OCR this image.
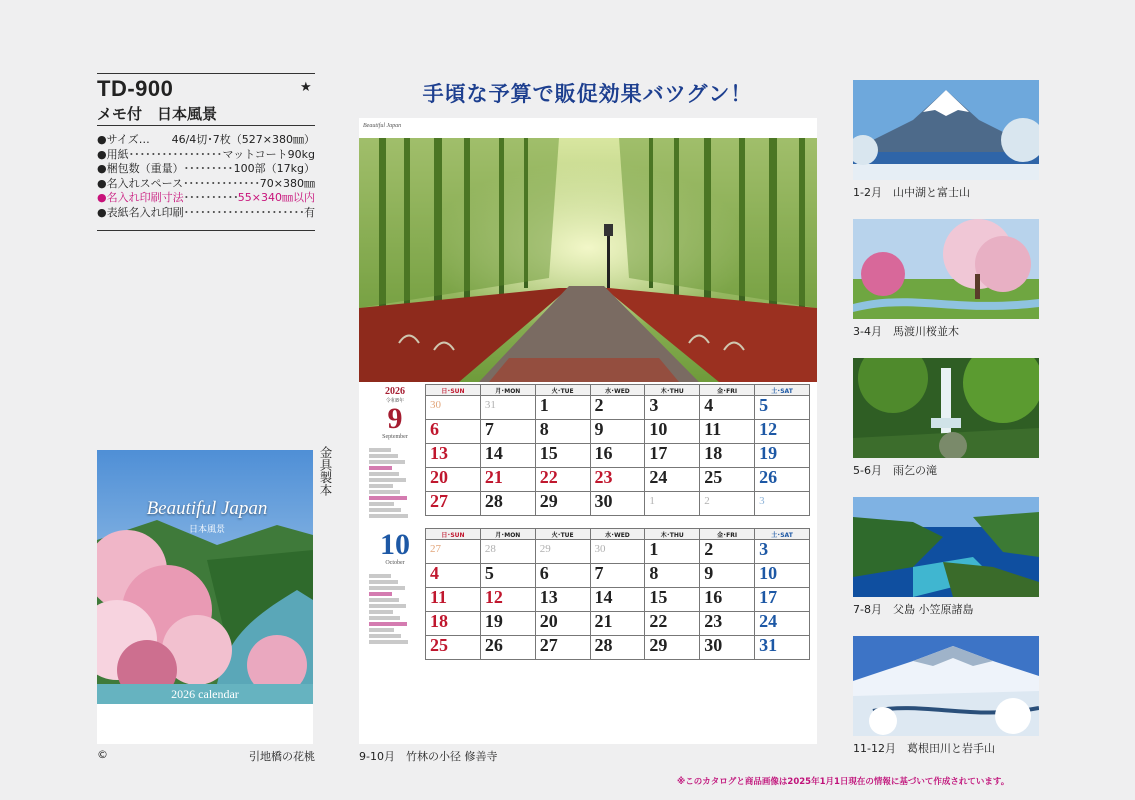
TD-900	★
メモ付　日本風景
●サイズ… 46/4切･7枚（527×380㎜）
●用紙 ････････････････････････････････････････	マットコート90kg
●梱包数（重量） ････････････････････････････････････････	100部（17kg）
●名入れスペース ････････････････････････････････････････	70×380㎜
●名入れ印刷寸法 ････････････････････････････････････････	55×340㎜以内
●表紙名入れ印刷 ････････････････････････････････････････	有
金具製本
Beautiful Japan
日本風景
2026 calendar
©	引地橋の花桃
手頃な予算で販促効果バツグン！
Beautiful Japan
2026
令和8年
9
September
日･SUN	月･MON	火･TUE	水･WED	木･THU	金･FRI	土･SAT

30	31	1	2	3	4	5

6	7	8	9	10	11	12

13	14	15	16	17	18	19

20	21	22	23	24	25	26

27	28	29	30	1	2	3
10
October
日･SUN	月･MON	火･TUE	水･WED	木･THU	金･FRI	土･SAT

27	28	29	30	1	2	3

4	5	6	7	8	9	10

11	12	13	14	15	16	17

18	19	20	21	22	23	24

25	26	27	28	29	30	31
9-10月　竹林の小径 修善寺
1-2月　山中湖と富士山
3-4月　馬渡川桜並木
5-6月　雨乞の滝
7-8月　父島 小笠原諸島
11-12月　葛根田川と岩手山
※このカタログと商品画像は2025年1月1日現在の情報に基づいて作成されています。
